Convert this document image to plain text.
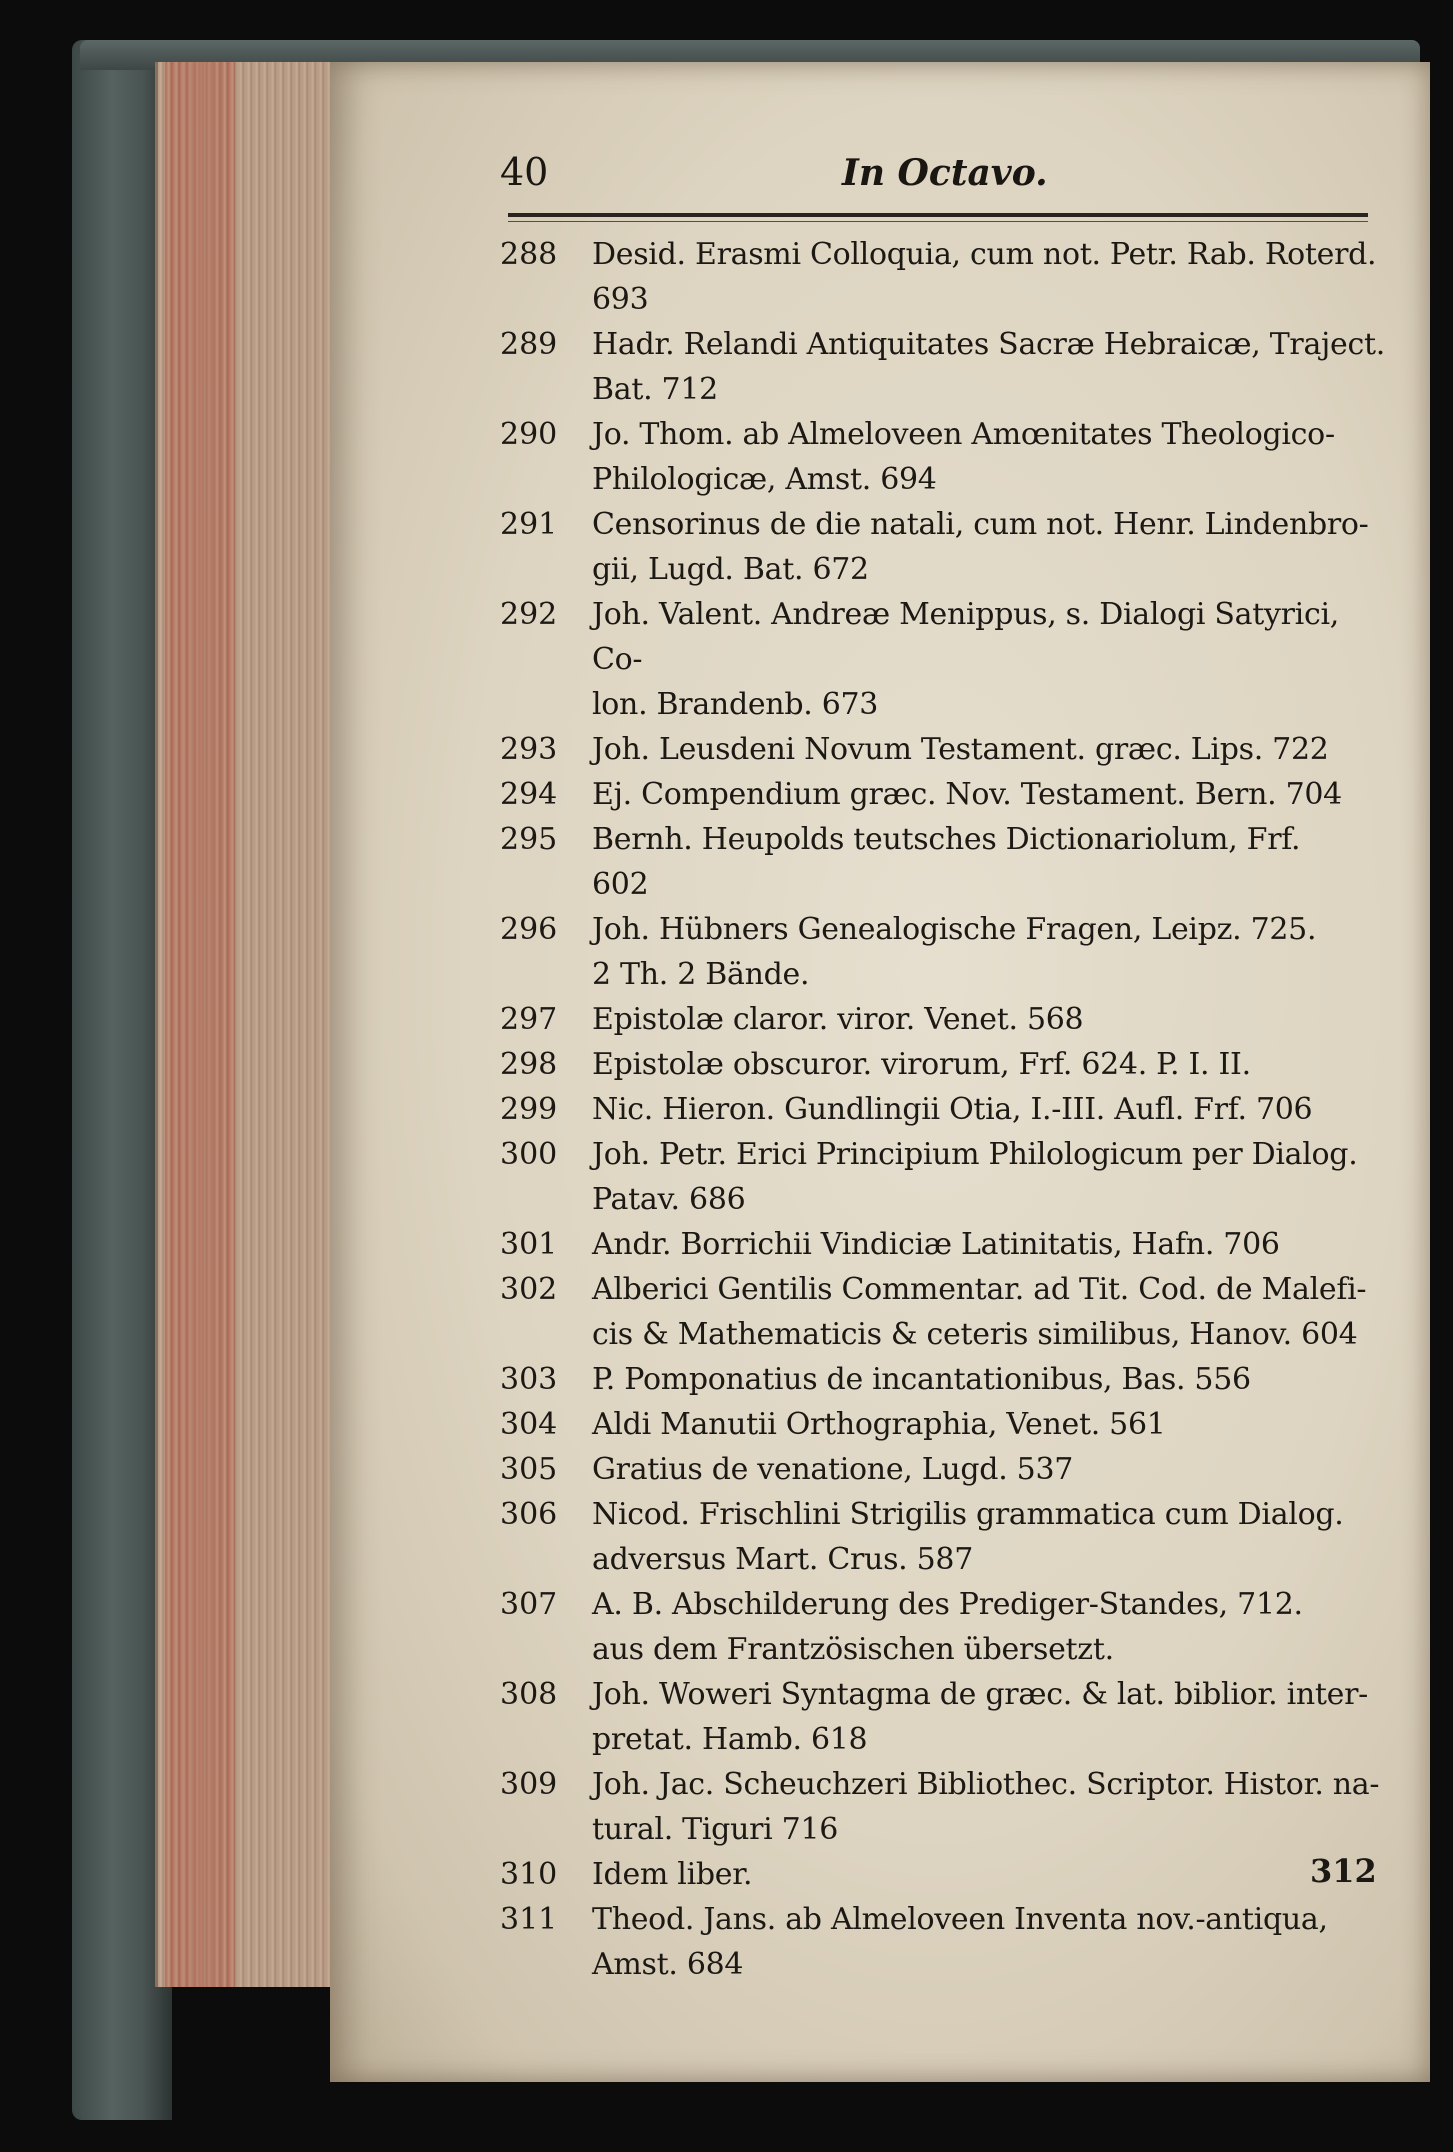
40	In Octavo.
288	Desid. Erasmi Colloquia, cum not. Petr. Rab. Roterd.
693
289	Hadr. Relandi Antiquitates Sacræ Hebraicæ, Traject.
Bat. 712
290	Jo. Thom. ab Almeloveen Amœnitates Theologico-
Philologicæ, Amst. 694
291	Censorinus de die natali, cum not. Henr. Lindenbro-
gii, Lugd. Bat. 672
292	Joh. Valent. Andreæ Menippus, s. Dialogi Satyrici, Co-
lon. Brandenb. 673
293	Joh. Leusdeni Novum Testament. græc. Lips. 722
294	Ej. Compendium græc. Nov. Testament. Bern. 704
295	Bernh. Heupolds teutsches Dictionariolum, Frf.
602
296	Joh. Hübners Genealogische Fragen, Leipz. 725.
2 Th. 2 Bände.
297	Epistolæ claror. viror. Venet. 568
298	Epistolæ obscuror. virorum, Frf. 624. P. I. II.
299	Nic. Hieron. Gundlingii Otia, I.-III. Aufl. Frf. 706
300	Joh. Petr. Erici Principium Philologicum per Dialog.
Patav. 686
301	Andr. Borrichii Vindiciæ Latinitatis, Hafn. 706
302	Alberici Gentilis Commentar. ad Tit. Cod. de Malefi-
cis & Mathematicis & ceteris similibus, Hanov. 604
303	P. Pomponatius de incantationibus, Bas. 556
304	Aldi Manutii Orthographia, Venet. 561
305	Gratius de venatione, Lugd. 537
306	Nicod. Frischlini Strigilis grammatica cum Dialog.
adversus Mart. Crus. 587
307	A. B. Abschilderung des Prediger-Standes, 712.
aus dem Frantzösischen übersetzt.
308	Joh. Woweri Syntagma de græc. & lat. biblior. inter-
pretat. Hamb. 618
309	Joh. Jac. Scheuchzeri Bibliothec. Scriptor. Histor. na-
tural. Tiguri 716
310	Idem liber.
311	Theod. Jans. ab Almeloveen Inventa nov.-antiqua,
Amst. 684
312
